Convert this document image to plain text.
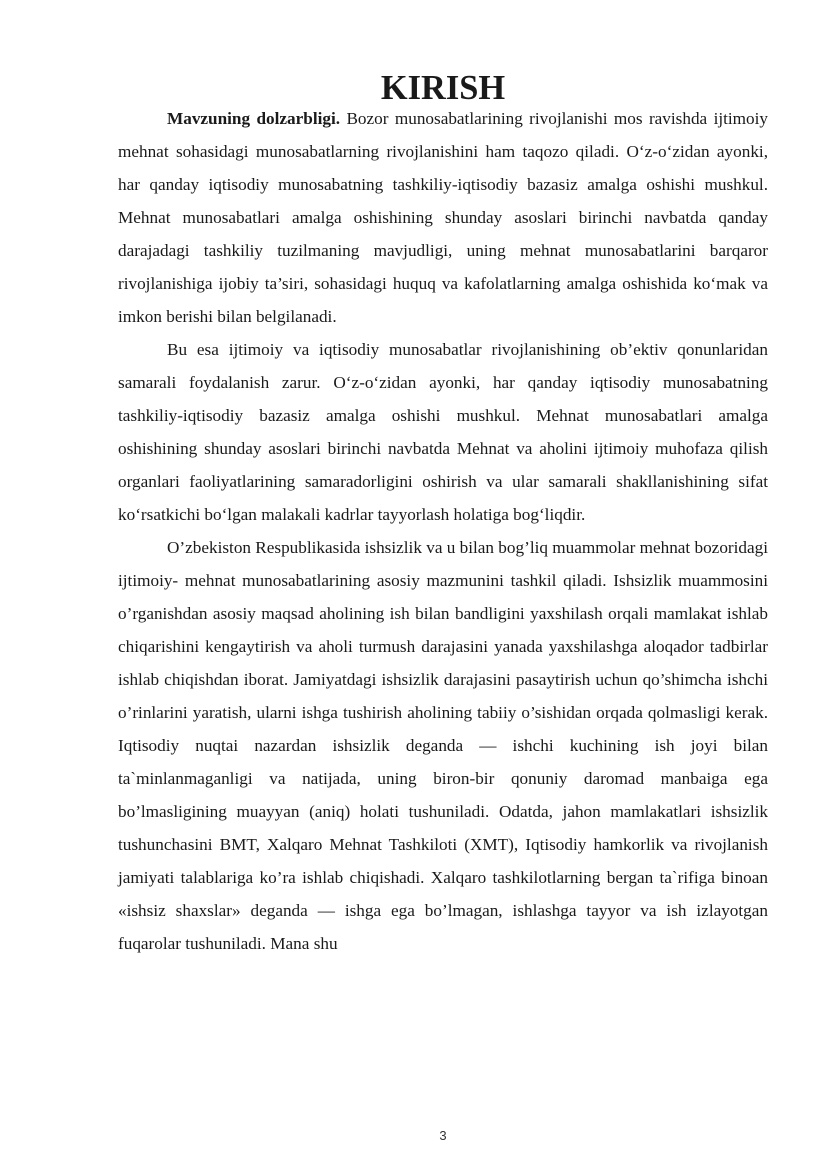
KIRISH

Mavzuning dolzarbligi. Bozor munosabatlarining rivojlanishi mos ravishda ijtimoiy mehnat sohasidagi munosabatlarning rivojlanishini ham taqozo qiladi. O‘z-o‘zidan ayonki, har qanday iqtisodiy munosabatning tashkiliy-iqtisodiy bazasiz amalga oshishi mushkul. Mehnat munosabatlari amalga oshishining shunday asoslari birinchi navbatda qanday darajadagi tashkiliy tuzilmaning mavjudligi, uning mehnat munosabatlarini barqaror rivojlanishiga ijobiy ta’siri, sohasidagi huquq va kafolatlarning amalga oshishida ko‘mak va imkon berishi bilan belgilanadi.

Bu esa ijtimoiy va iqtisodiy munosabatlar rivojlanishining ob’ektiv qonunlaridan samarali foydalanish zarur. O‘z-o‘zidan ayonki, har qanday iqtisodiy munosabatning tashkiliy-iqtisodiy bazasiz amalga oshishi mushkul. Mehnat munosabatlari amalga oshishining shunday asoslari birinchi navbatda Mehnat va aholini ijtimoiy muhofaza qilish organlari faoliyatlarining samaradorligini oshirish va ular samarali shakllanishining sifat ko‘rsatkichi bo‘lgan malakali kadrlar tayyorlash holatiga bog‘liqdir.

O’zbekiston Respublikasida ishsizlik va u bilan bog’liq muammolar mehnat bozoridagi ijtimoiy- mehnat munosabatlarining asosiy mazmunini tashkil qiladi. Ishsizlik muammosini o’rganishdan asosiy maqsad aholining ish bilan bandligini yaxshilash orqali mamlakat ishlab chiqarishini kengaytirish va aholi turmush darajasini yanada yaxshilashga aloqador tadbirlar ishlab chiqishdan iborat. Jamiyatdagi ishsizlik darajasini pasaytirish uchun qo’shimcha ishchi o’rinlarini yaratish, ularni ishga tushirish aholining tabiiy o’sishidan orqada qolmasligi kerak. Iqtisodiy nuqtai nazardan ishsizlik deganda — ishchi kuchining ish joyi bilan ta`minlanmaganligi va natijada, uning biron-bir qonuniy daromad manbaiga ega bo’lmasligining muayyan (aniq) holati tushuniladi. Odatda, jahon mamlakatlari ishsizlik tushunchasini BMT, Xalqaro Mehnat Tashkiloti (XMT), Iqtisodiy hamkorlik va rivojlanish jamiyati talablariga ko’ra ishlab chiqishadi. Xalqaro tashkilotlarning bergan ta`rifiga binoan «ishsiz shaxslar» deganda — ishga ega bo’lmagan, ishlashga tayyor va ish izlayotgan fuqarolar tushuniladi. Mana shu

3
